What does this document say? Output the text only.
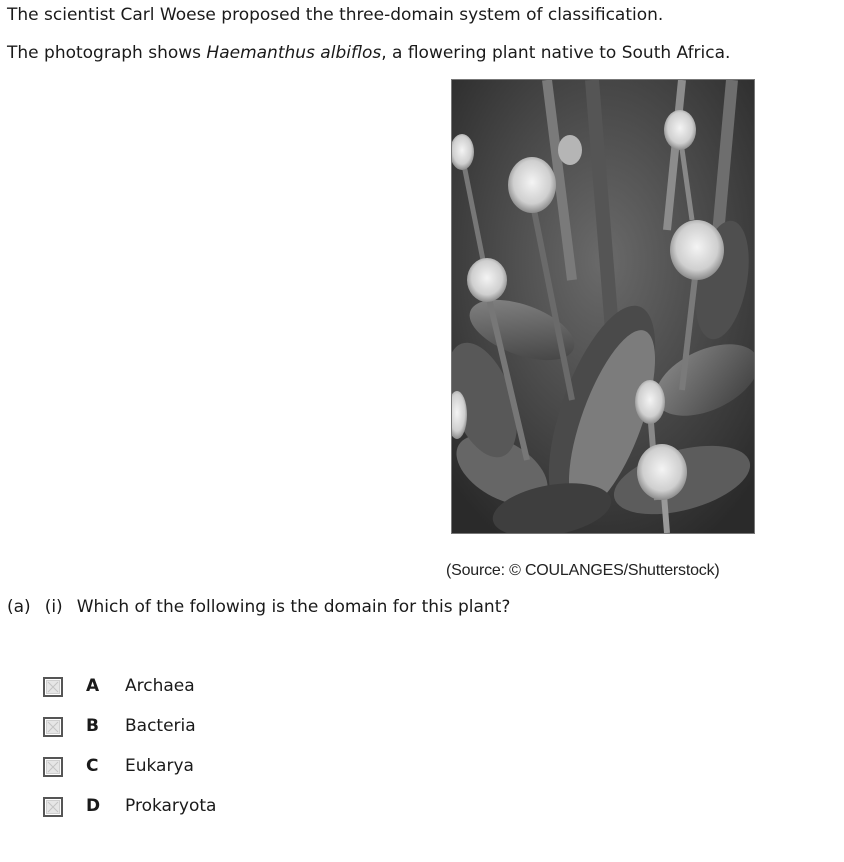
The scientist Carl Woese proposed the three-domain system of classification.
The photograph shows Haemanthus albiflos, a flowering plant native to South Africa.
(Source: © COULANGES/Shutterstock)
(a) (i) Which of the following is the domain for this plant?
A Archaea
B Bacteria
C Eukarya
D Prokaryota
